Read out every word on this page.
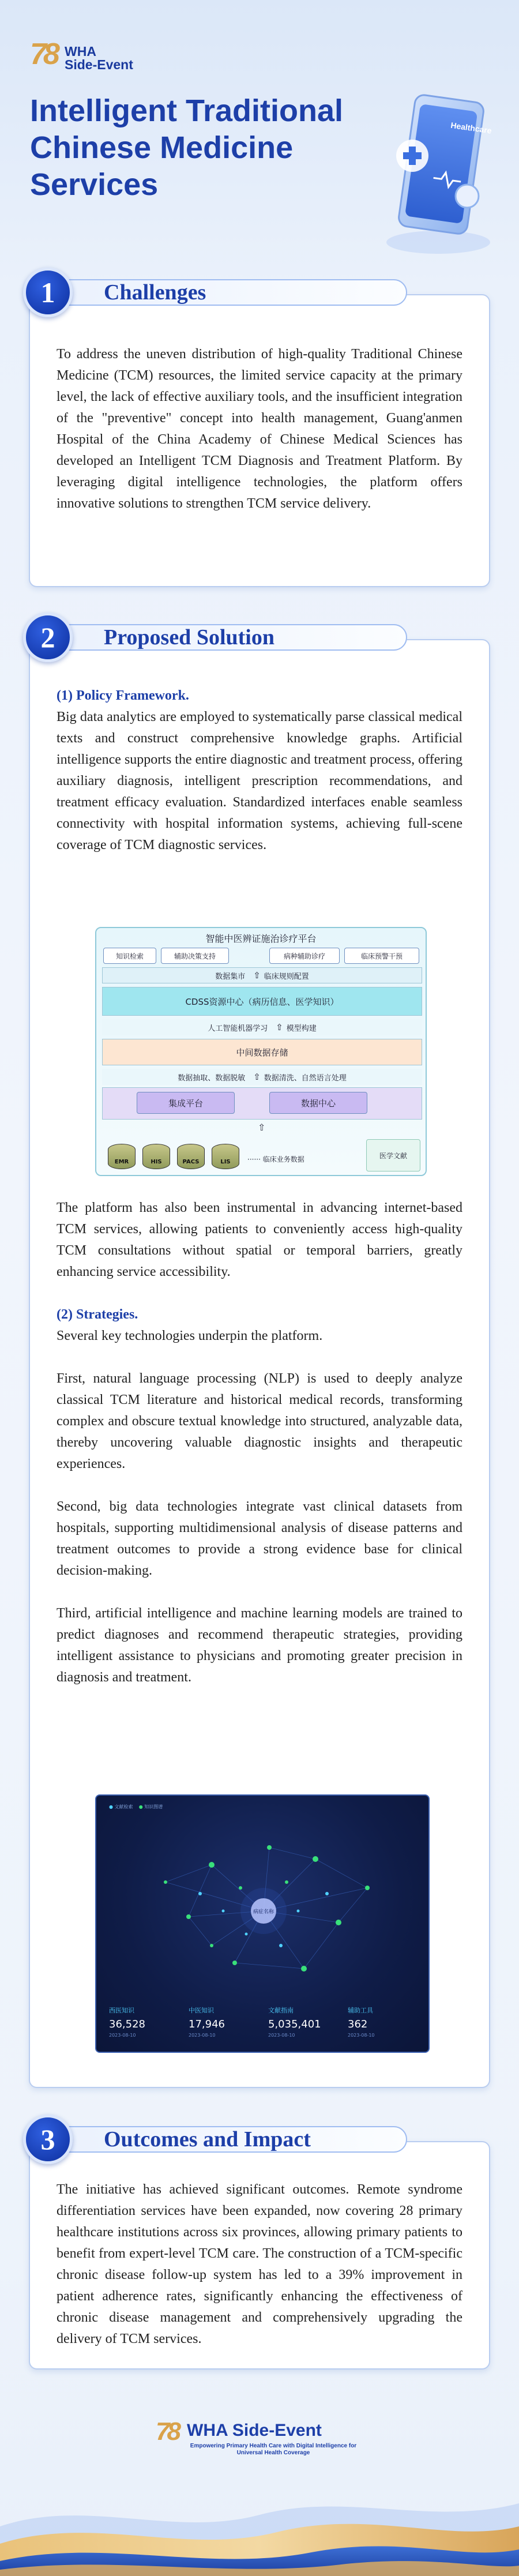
78 WHA
Side-Event
Intelligent Traditional Chinese Medicine Services
Healthcare
1	Challenges
To address the uneven distribution of high-quality Traditional Chinese Medicine (TCM) resources, the limited service capacity at the primary level, the lack of effective auxiliary tools, and the insufficient integration of the "preventive" concept into health management, Guang'anmen Hospital of the China Academy of Chinese Medical Sciences has developed an Intelligent TCM Diagnosis and Treatment Platform. By leveraging digital intelligence technologies, the platform offers innovative solutions to strengthen TCM service delivery.
2	Proposed Solution
(1) Policy Framework.
Big data analytics are employed to systematically parse classical medical texts and construct comprehensive knowledge graphs. Artificial intelligence supports the entire diagnostic and treatment process, offering auxiliary diagnosis, intelligent prescription recommendations, and treatment efficacy evaluation. Standardized interfaces enable seamless connectivity with hospital information systems, achieving full-scene coverage of TCM diagnostic services.
智能中医辨证施治诊疗平台
知识检索	辅助决策支持	病种辅助诊疗	临床预警干预
数据集市 ⇧ 临床规则配置
CDSS资源中心（病历信息、医学知识）
人工智能机器学习 ⇧ 模型构建
中间数据存储
数据抽取、数据脱敏 ⇧ 数据清洗、自然语言处理
集成平台	数据中心
⇧
EMR	HIS	PACS	LIS	······ 临床业务数据	医学文献
The platform has also been instrumental in advancing internet-based TCM services, allowing patients to conveniently access high-quality TCM consultations without spatial or temporal barriers, greatly enhancing service accessibility.
(2) Strategies.
Several key technologies underpin the platform.
First, natural language processing (NLP) is used to deeply analyze classical TCM literature and historical medical records, transforming complex and obscure textual knowledge into structured, analyzable data, thereby uncovering valuable diagnostic insights and therapeutic experiences.
Second, big data technologies integrate vast clinical datasets from hospitals, supporting multidimensional analysis of disease patterns and treatment outcomes to provide a strong evidence base for clinical decision-making.
Third, artificial intelligence and machine learning models are trained to predict diagnoses and recommend therapeutic strategies, providing intelligent assistance to physicians and promoting greater precision in diagnosis and treatment.
● 文献检索 ● 知识图谱
病症名称
西医知识
36,528
2023-08-10
中医知识
17,946
2023-08-10
文献指南
5,035,401
2023-08-10
辅助工具
362
2023-08-10
3	Outcomes and Impact
The initiative has achieved significant outcomes. Remote syndrome differentiation services have been expanded, now covering 28 primary healthcare institutions across six provinces, allowing primary patients to benefit from expert-level TCM care. The construction of a TCM-specific chronic disease follow-up system has led to a 39% improvement in patient adherence rates, significantly enhancing the effectiveness of chronic disease management and comprehensively upgrading the delivery of TCM services.
78 WHA Side-Event
Empowering Primary Health Care with Digital Intelligence for Universal Health Coverage
